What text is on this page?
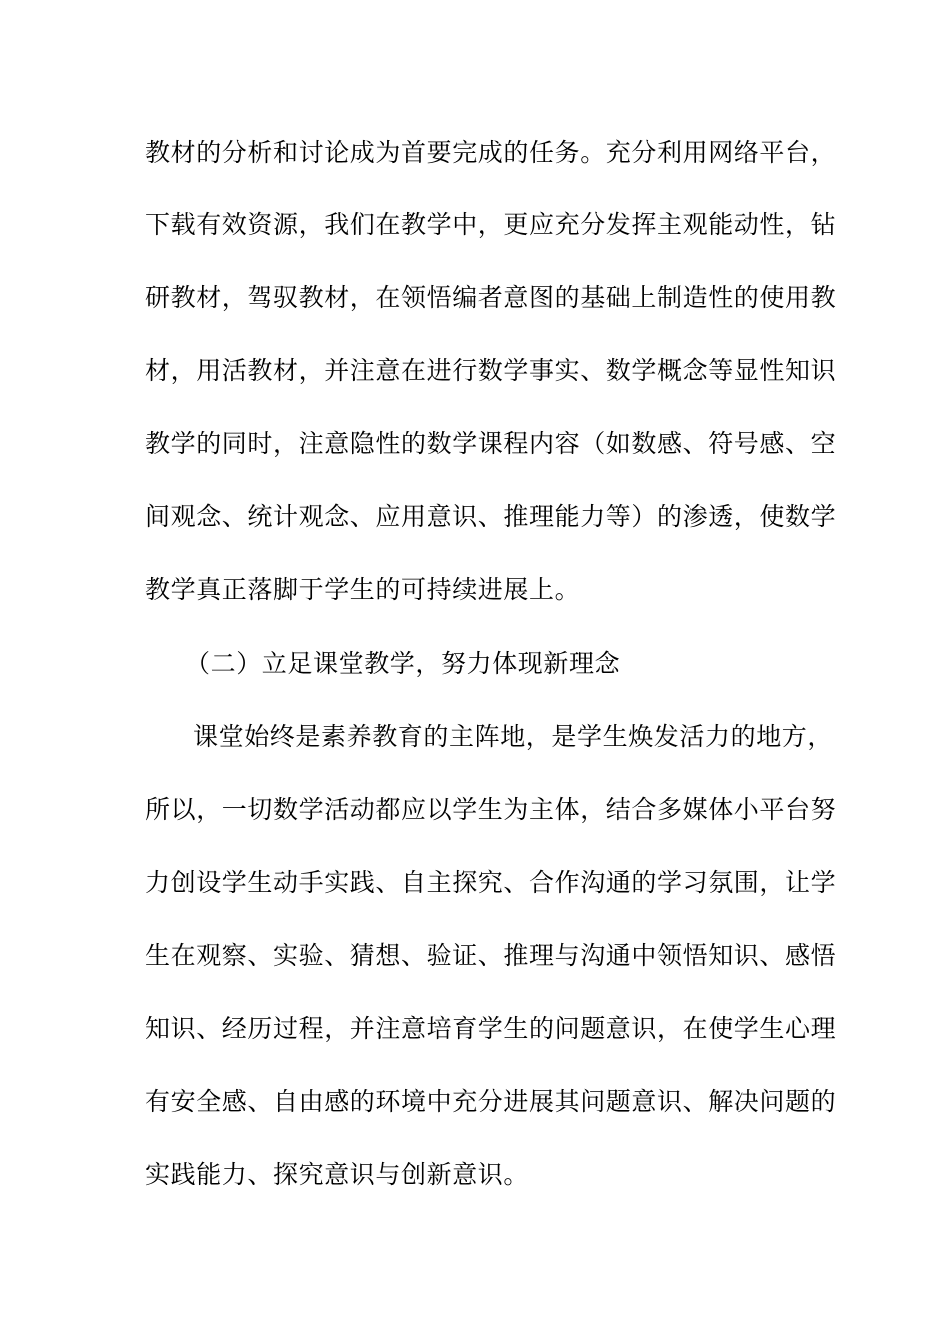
教材的分析和讨论成为首要完成的任务。充分利用网络平台，
下载有效资源，我们在教学中，更应充分发挥主观能动性，钻
研教材，驾驭教材，在领悟编者意图的基础上制造性的使用教
材，用活教材，并注意在进行数学事实、数学概念等显性知识
教学的同时，注意隐性的数学课程内容（如数感、符号感、空
间观念、统计观念、应用意识、推理能力等）的渗透，使数学
教学真正落脚于学生的可持续进展上。
（二）立足课堂教学，努力体现新理念
课堂始终是素养教育的主阵地，是学生焕发活力的地方，
所以，一切数学活动都应以学生为主体，结合多媒体小平台努
力创设学生动手实践、自主探究、合作沟通的学习氛围，让学
生在观察、实验、猜想、验证、推理与沟通中领悟知识、感悟
知识、经历过程，并注意培育学生的问题意识，在使学生心理
有安全感、自由感的环境中充分进展其问题意识、解决问题的
实践能力、探究意识与创新意识。
